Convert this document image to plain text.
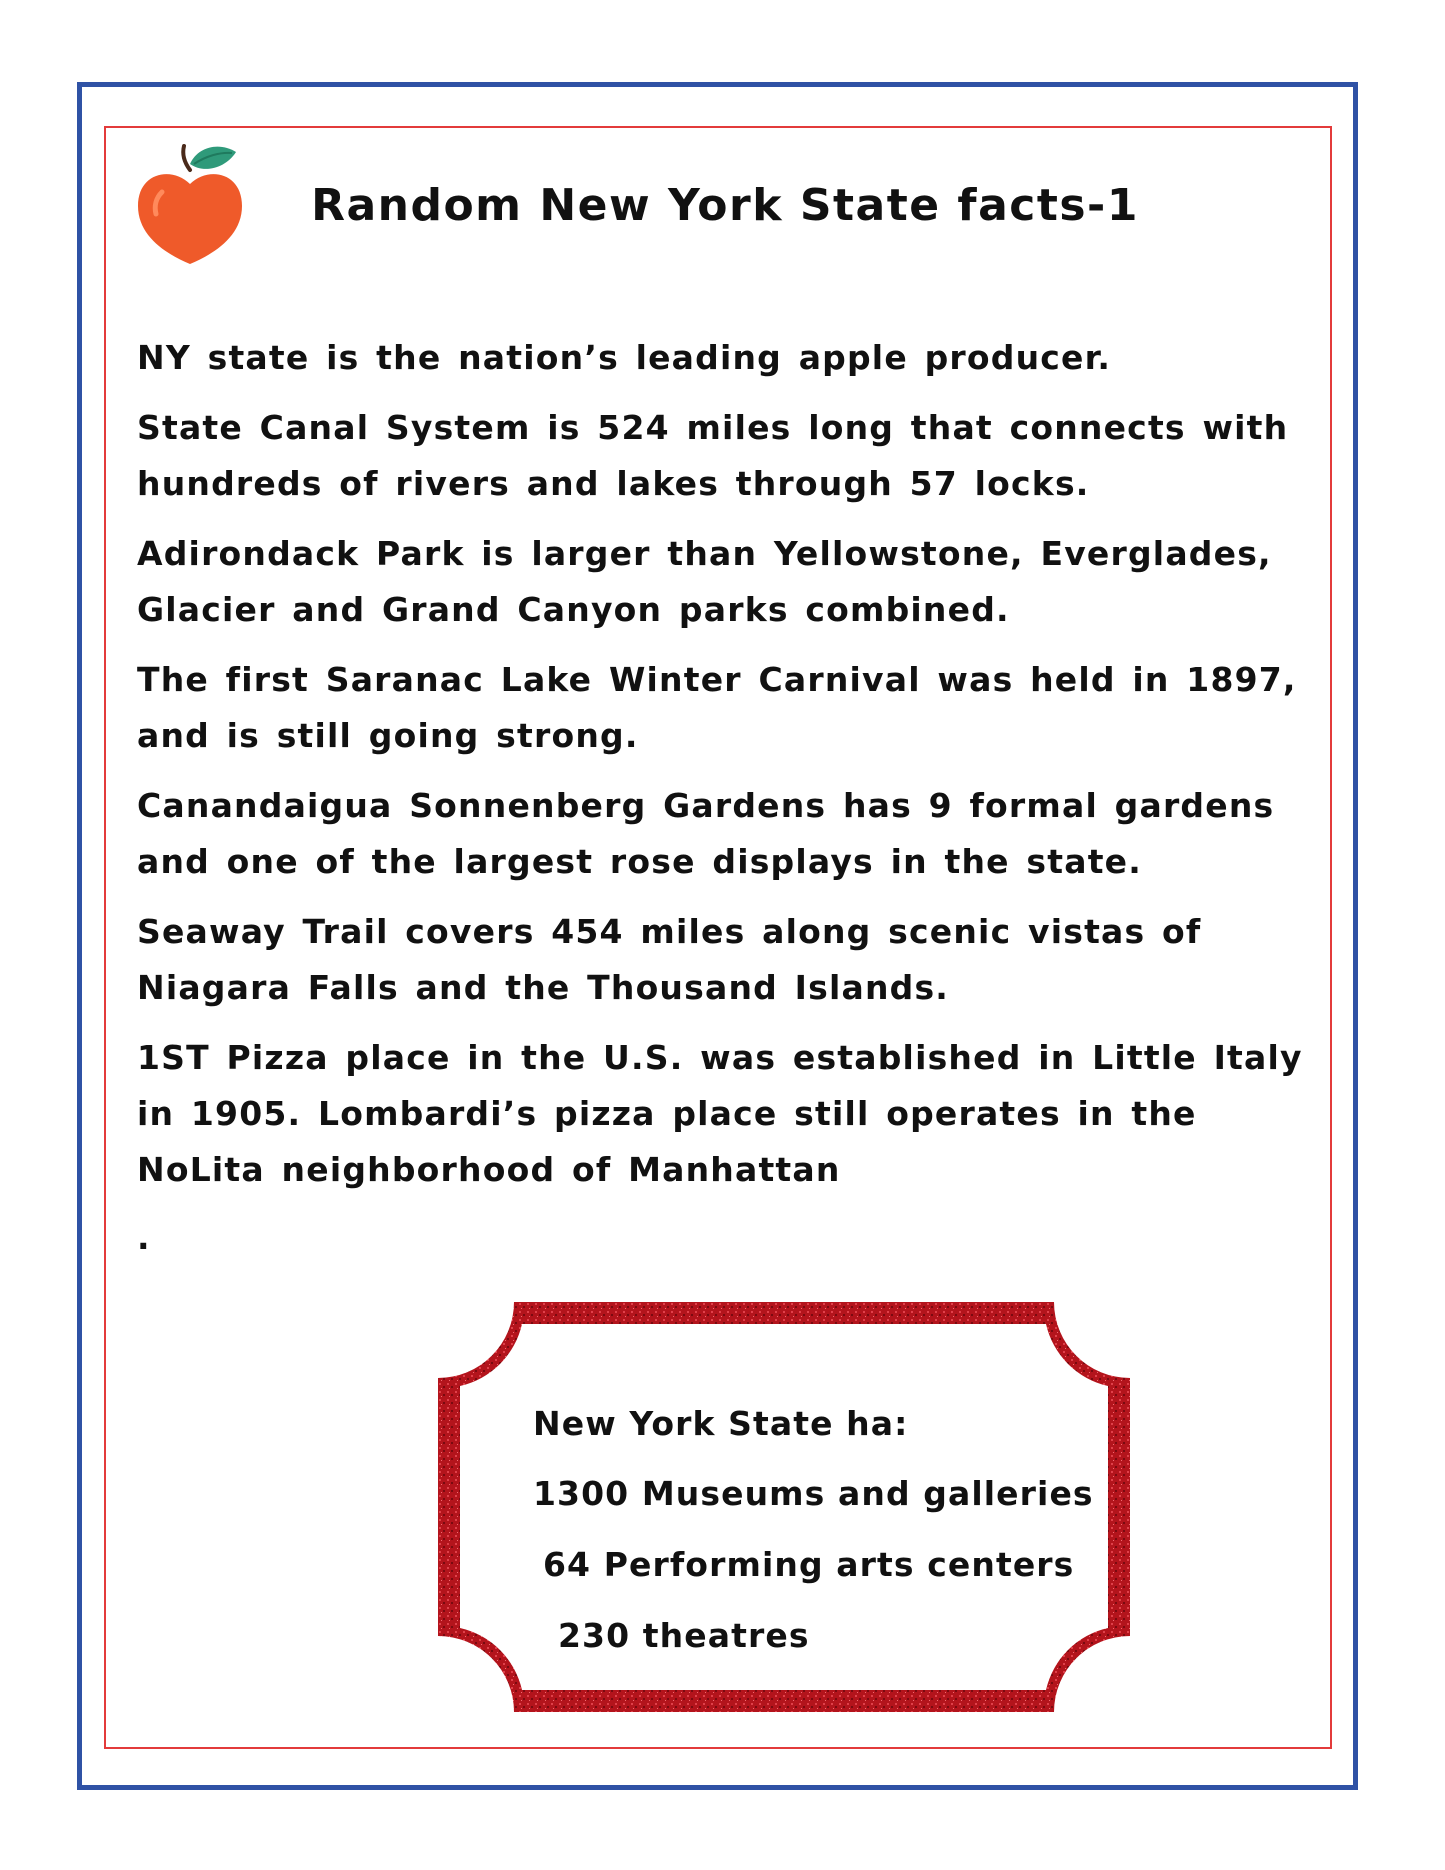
Random New York State facts-1
NY state is the nation’s leading apple producer.
State Canal System is 524 miles long that connects with hundreds of rivers and lakes through 57 locks.
Adirondack Park is larger than Yellowstone, Everglades, Glacier and Grand Canyon parks combined.
The first Saranac Lake Winter Carnival was held in 1897, and is still going strong.
Canandaigua Sonnenberg Gardens has 9 formal gardens and one of the largest rose displays in the state.
Seaway Trail covers 454 miles along scenic vistas of Niagara Falls and the Thousand Islands.
1ST Pizza place in the U.S. was established in Little Italy in 1905. Lombardi’s pizza place still operates in the NoLita neighborhood of Manhattan
.
New York State ha:
1300 Museums and galleries
64 Performing arts centers
230 theatres
